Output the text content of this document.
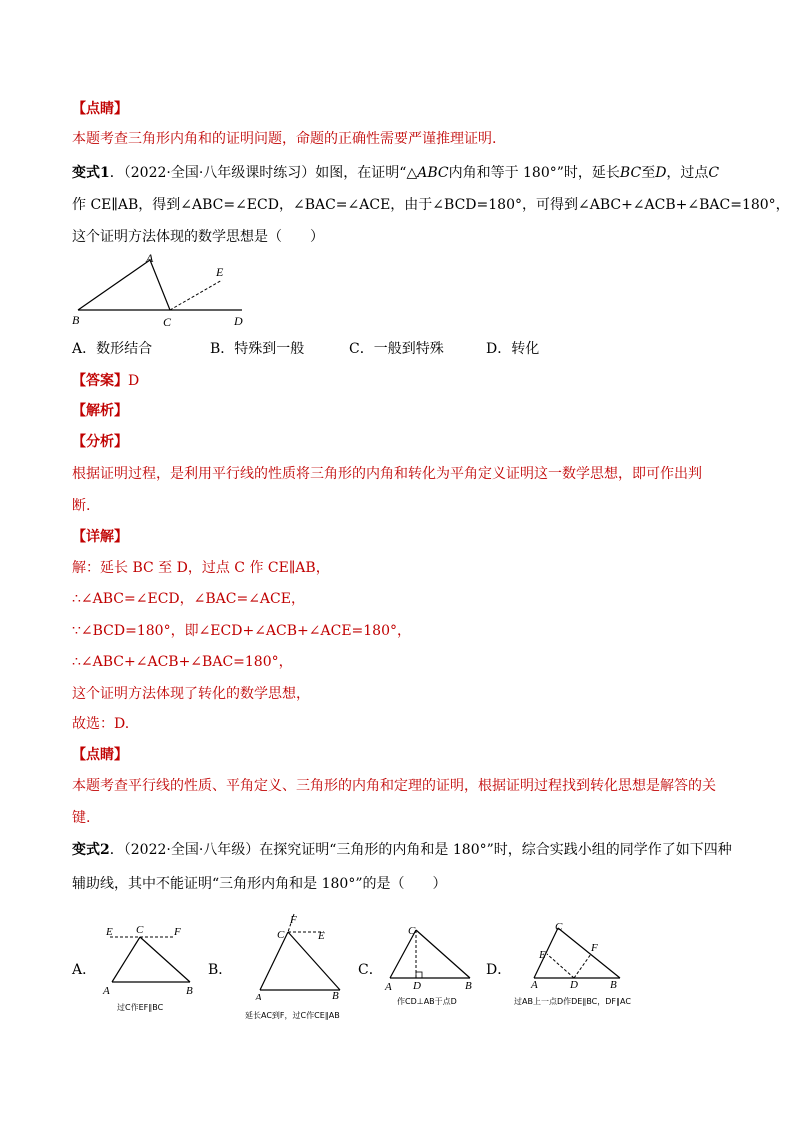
【点睛】
本题考查三角形内角和的证明问题，命题的正确性需要严谨推理证明.
变式1．（2022·全国·八年级课时练习）如图，在证明“△ABC内角和等于 180°”时，延长BC至D，过点C
作 CE∥AB，得到∠ABC=∠ECD，∠BAC=∠ACE，由于∠BCD=180°，可得到∠ABC+∠ACB+∠BAC=180°，
这个证明方法体现的数学思想是（　　）
A
B	C	D
E
A．数形结合	B．特殊到一般	C．一般到特殊	D．转化
【答案】D
【解析】
【分析】
根据证明过程，是利用平行线的性质将三角形的内角和转化为平角定义证明这一数学思想，即可作出判
断.
【详解】
解：延长 BC 至 D，过点 C 作 CE∥AB，
∴∠ABC=∠ECD，∠BAC=∠ACE，
∵∠BCD=180°，即∠ECD+∠ACB+∠ACE=180°，
∴∠ABC+∠ACB+∠BAC=180°，
这个证明方法体现了转化的数学思想，
故选：D.
【点睛】
本题考查平行线的性质、平角定义、三角形的内角和定理的证明，根据证明过程找到转化思想是解答的关
键.
变式2．（2022·全国·八年级）在探究证明“三角形的内角和是 180°”时，综合实践小组的同学作了如下四种
辅助线，其中不能证明“三角形内角和是 180°”的是（　　）
A．	B．	C．	D．
E C	F
A	B
过C作EF∥BC
F
C	E
A	B
延长AC到F，过C作CE∥AB
C
A D	B
作CD⊥AB于点D
C
E
F
A	D	B
过AB上一点D作DE∥BC，DF∥AC
